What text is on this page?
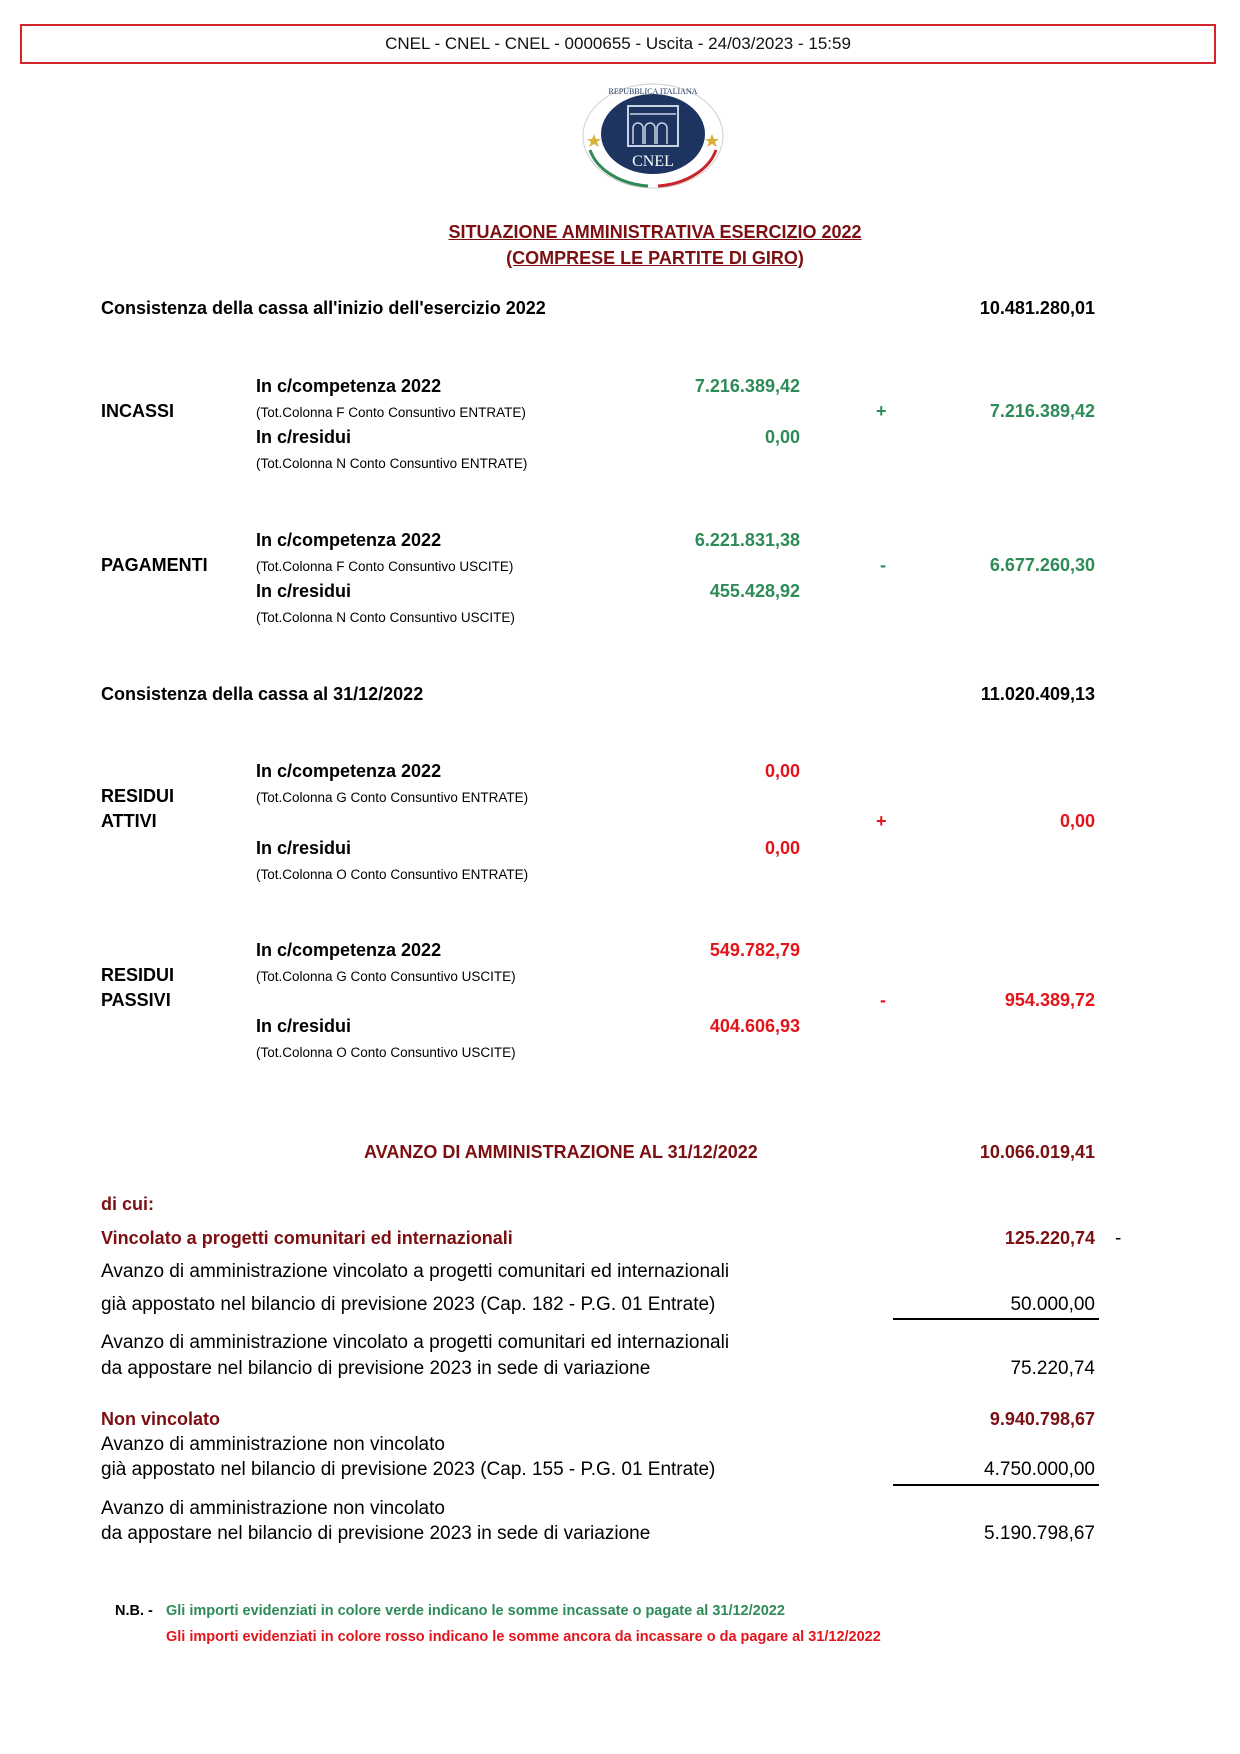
CNEL - CNEL - CNEL - 0000655 - Uscita - 24/03/2023 - 15:59
CNEL
REPUBBLICA ITALIANA
SITUAZIONE AMMINISTRATIVA ESERCIZIO 2022
(COMPRESE LE PARTITE DI GIRO)
Consistenza della cassa all'inizio dell'esercizio 2022	10.481.280,01
INCASSI
In c/competenza 2022
(Tot.Colonna F Conto Consuntivo ENTRATE)
7.216.389,42
In c/residui
(Tot.Colonna N Conto Consuntivo ENTRATE)
0,00
+	7.216.389,42
PAGAMENTI
In c/competenza 2022
(Tot.Colonna F Conto Consuntivo USCITE)
6.221.831,38
In c/residui
(Tot.Colonna N Conto Consuntivo USCITE)
455.428,92
-	6.677.260,30
Consistenza della cassa al 31/12/2022	11.020.409,13
RESIDUI
ATTIVI
In c/competenza 2022
(Tot.Colonna G Conto Consuntivo ENTRATE)
0,00
In c/residui
(Tot.Colonna O Conto Consuntivo ENTRATE)
0,00
+	0,00
RESIDUI
PASSIVI
In c/competenza 2022
(Tot.Colonna G Conto Consuntivo USCITE)
549.782,79
In c/residui
(Tot.Colonna O Conto Consuntivo USCITE)
404.606,93
-	954.389,72
AVANZO DI AMMINISTRAZIONE AL 31/12/2022	10.066.019,41
di cui:
Vincolato a progetti comunitari ed internazionali	125.220,74 -
Avanzo di amministrazione vincolato a progetti comunitari ed internazionali
già appostato nel bilancio di previsione 2023 (Cap. 182 - P.G. 01 Entrate)	50.000,00
Avanzo di amministrazione vincolato a progetti comunitari ed internazionali
da appostare nel bilancio di previsione 2023 in sede di variazione	75.220,74
Non vincolato	9.940.798,67
Avanzo di amministrazione non vincolato
già appostato nel bilancio di previsione 2023 (Cap. 155 - P.G. 01 Entrate)	4.750.000,00
Avanzo di amministrazione non vincolato
da appostare nel bilancio di previsione 2023 in sede di variazione	5.190.798,67
N.B. - Gli importi evidenziati in colore verde indicano le somme incassate o pagate al 31/12/2022
Gli importi evidenziati in colore rosso indicano le somme ancora da incassare o da pagare al 31/12/2022
